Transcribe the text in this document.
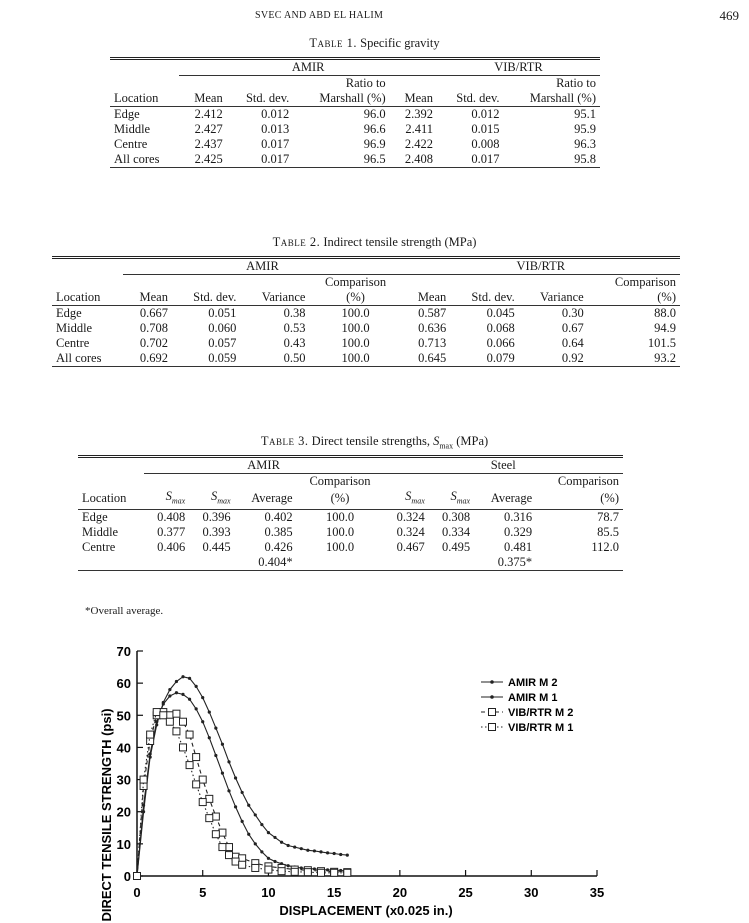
SVEC AND ABD EL HALIM	469
Table 1. Specific gravity
	AMIR				VIB/RTR	
			Ratio to			Ratio to
Location	Mean	Std. dev.	Marshall (%)	Mean	Std. dev.	Marshall (%)
Edge	2.412	0.012	96.0	2.392	0.012	95.1
Middle	2.427	0.013	96.6	2.411	0.015	95.9
Centre	2.437	0.017	96.9	2.422	0.008	96.3
All cores	2.425	0.017	96.5	2.408	0.017	95.8
Table 2. Indirect tensile strength (MPa)
	AMIR				VIB/RTR			
				Comparison				Comparison
Location	Mean	Std. dev.	Variance	(%)	Mean	Std. dev.	Variance	(%)
Edge	0.667	0.051	0.38	100.0	0.587	0.045	0.30	88.0
Middle	0.708	0.060	0.53	100.0	0.636	0.068	0.67	94.9
Centre	0.702	0.057	0.43	100.0	0.713	0.066	0.64	101.5
All cores	0.692	0.059	0.50	100.0	0.645	0.079	0.92	93.2
Table 3. Direct tensile strengths, $S_{max}$ (MPa)
	AMIR				Steel			
				Comparison				Comparison
Location	$S_{max}$	$S_{max}$	Average	(%)	$S_{max}$	$S_{max}$	Average	(%)
Edge	0.408	0.396	0.402	100.0	0.324	0.308	0.316	78.7
Middle	0.377	0.393	0.385	100.0	0.324	0.334	0.329	85.5
Centre	0.406	0.445	0.426	100.0	0.467	0.495	0.481	112.0
			0.404*				0.375*	
*Overall average.
DIRECT TENSILE STRENGTH (psi)	DISPLACEMENT (x0.025 in.)
0
10
20
30
40
50
60
70
0	5	10	15	20	25	30	35
AMIR M 2
AMIR M 1
VIB/RTR M 2
VIB/RTR M 1
